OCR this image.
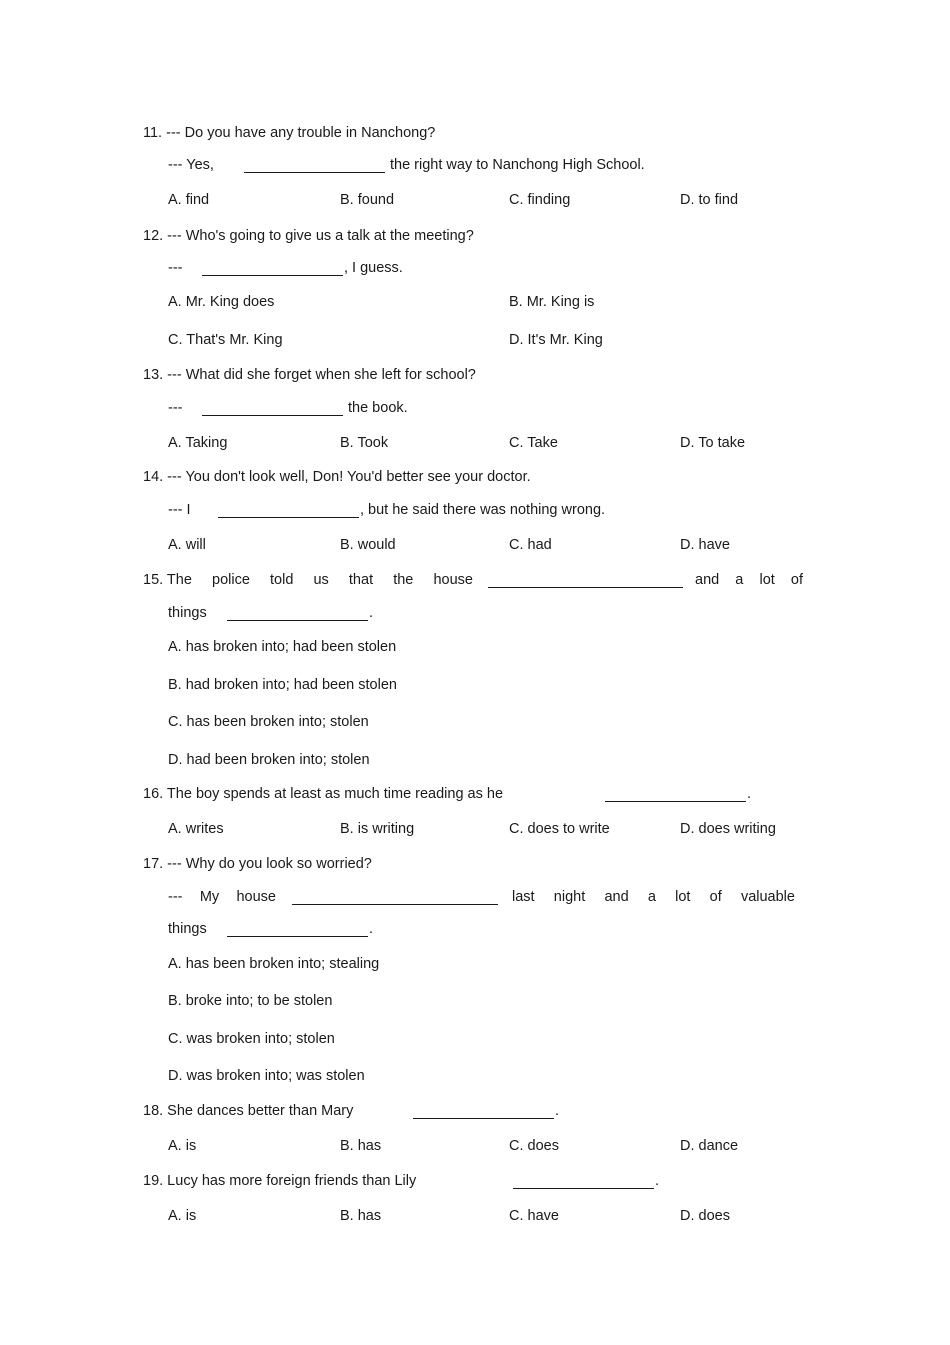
11. --- Do you have any trouble in Nanchong?
--- Yes,	the right way to Nanchong High School.
A. find	B. found	C. finding	D. to find
12. --- Who's going to give us a talk at the meeting?
---	, I guess.
A. Mr. King does	B. Mr. King is
C. That's Mr. King	D. It's Mr. King
13. --- What did she forget when she left for school?
---	the book.
A. Taking	B. Took	C. Take	D. To take
14. --- You don't look well, Don! You'd better see your doctor.
--- I	, but he said there was nothing wrong.
A. will	B. would	C. had	D. have
15. The police told us that the house	and a lot of
things	.
A. has broken into; had been stolen
B. had broken into; had been stolen
C. has been broken into; stolen
D. had been broken into; stolen
16. The boy spends at least as much time reading as he	.
A. writes	B. is writing	C. does to write	D. does writing
17. --- Why do you look so worried?
--- My house	last night and a lot of valuable
things	.
A. has been broken into; stealing
B. broke into; to be stolen
C. was broken into; stolen
D. was broken into; was stolen
18. She dances better than Mary	.
A. is	B. has	C. does	D. dance
19. Lucy has more foreign friends than Lily	.
A. is	B. has	C. have	D. does
